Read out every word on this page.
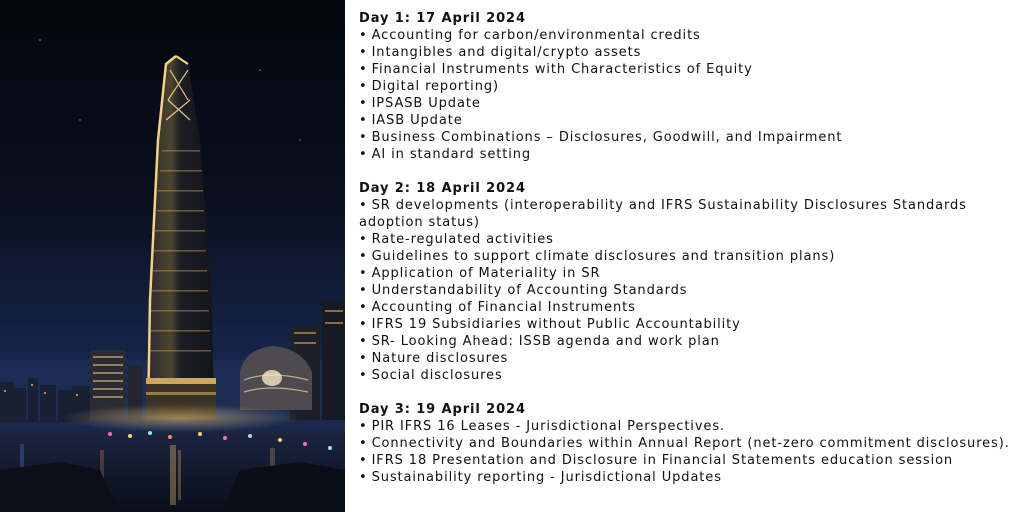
Day 1: 17 April 2024

• Accounting for carbon/environmental credits
• Intangibles and digital/crypto assets
• Financial Instruments with Characteristics of Equity
• Digital reporting)
• IPSASB Update
• IASB Update
• Business Combinations – Disclosures, Goodwill, and Impairment
• AI in standard setting

Day 2: 18 April 2024

• SR developments (interoperability and IFRS Sustainability Disclosures Standards adoption status)
• Rate-regulated activities
• Guidelines to support climate disclosures and transition plans)
• Application of Materiality in SR
• Understandability of Accounting Standards
• Accounting of Financial Instruments
• IFRS 19 Subsidiaries without Public Accountability
• SR- Looking Ahead: ISSB agenda and work plan
• Nature disclosures
• Social disclosures

Day 3: 19 April 2024

• PIR IFRS 16 Leases - Jurisdictional Perspectives.
• Connectivity and Boundaries within Annual Report (net-zero commitment disclosures).
• IFRS 18 Presentation and Disclosure in Financial Statements education session
• Sustainability reporting - Jurisdictional Updates
